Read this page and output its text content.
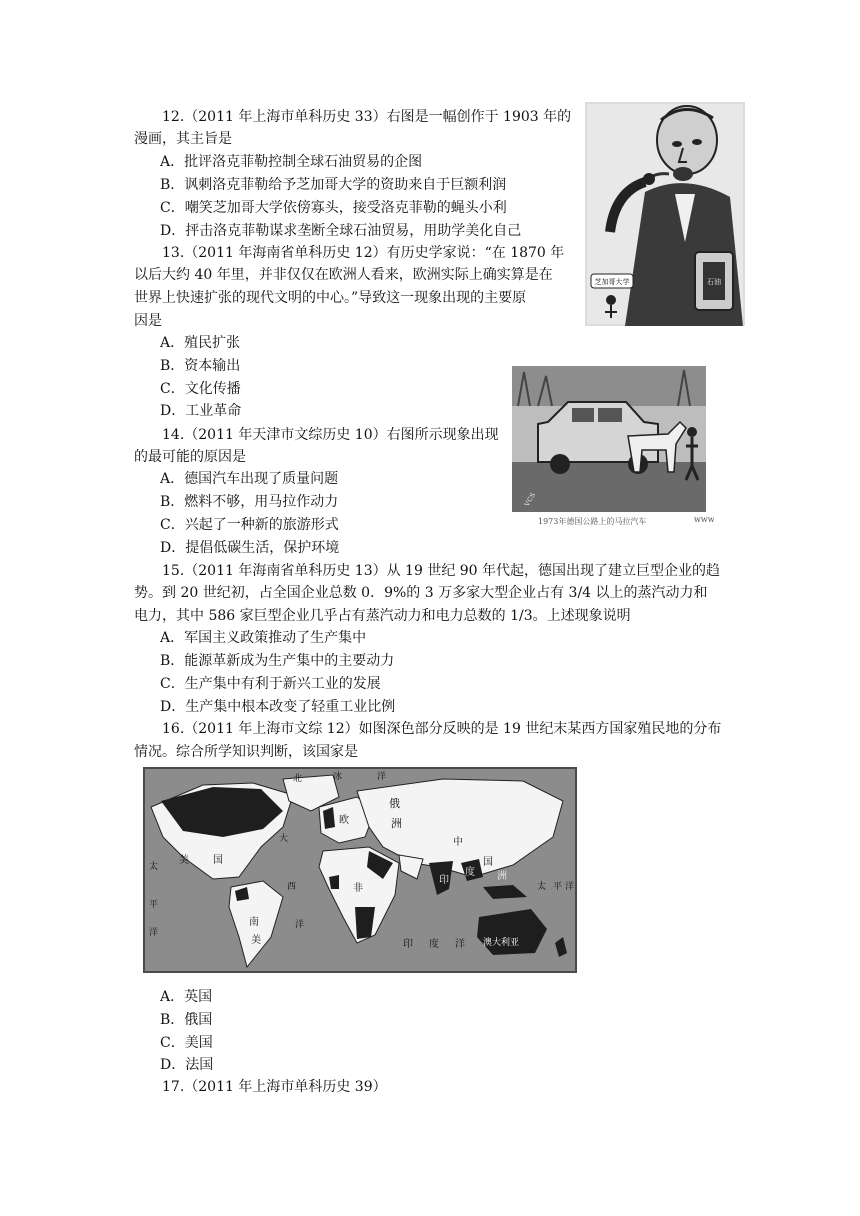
12.（2011 年上海市单科历史 33）右图是一幅创作于 1903 年的
漫画，其主旨是
A．批评洛克菲勒控制全球石油贸易的企图
B．讽刺洛克菲勒给予芝加哥大学的资助来自于巨额利润
C．嘲笑芝加哥大学依傍寡头，接受洛克菲勒的蝇头小利
D．抨击洛克菲勒谋求垄断全球石油贸易，用助学美化自己
13.（2011 年海南省单科历史 12）有历史学家说：“在 1870 年
以后大约 40 年里，并非仅仅在欧洲人看来，欧洲实际上确实算是在
世界上快速扩张的现代文明的中心。”导致这一现象出现的主要原
因是
A．殖民扩张
B．资本输出
C．文化传播
D．工业革命
14.（2011 年天津市文综历史 10）右图所示现象出现
的最可能的原因是
A．德国汽车出现了质量问题
B．燃料不够，用马拉作动力
C．兴起了一种新的旅游形式
D．提倡低碳生活，保护环境
15.（2011 年海南省单科历史 13）从 19 世纪 90 年代起，德国出现了建立巨型企业的趋
势。到 20 世纪初，占全国企业总数 0．9%的 3 万多家大型企业占有 3/4 以上的蒸汽动力和
电力，其中 586 家巨型企业几乎占有蒸汽动力和电力总数的 1/3。上述现象说明
A．军国主义政策推动了生产集中
B．能源革新成为生产集中的主要动力
C．生产集中有利于新兴工业的发展
D．生产集中根本改变了轻重工业比例
16.（2011 年上海市文综 12）如图深色部分反映的是 19 世纪末某西方国家殖民地的分布
情况。综合所学知识判断，该国家是
A．英国
B．俄国
C．美国
D．法国
17.（2011 年上海市单科历史 39）
石油
芝加哥大学
vcs
1973年德国公路上的马拉汽车	www
北	冰	洋
俄
洲
欧
美 国
中
国
太
平
洋
大
西
洋
非
印
度
印 度 洋 澳大利亚
太 平 洋
洲
南
美
